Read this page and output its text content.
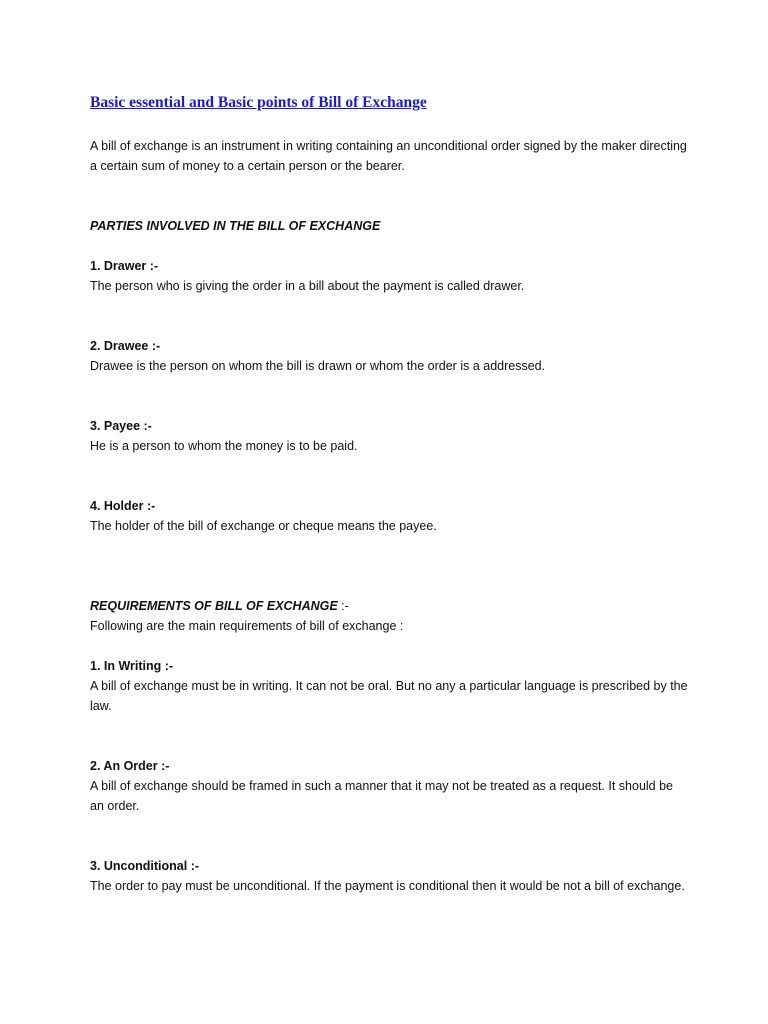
Basic essential and Basic points of Bill of Exchange

A bill of exchange is an instrument in writing containing an unconditional order signed by the maker directing a certain sum of money to a certain person or the bearer.

PARTIES INVOLVED IN THE BILL OF EXCHANGE
1. Drawer :-

The person who is giving the order in a bill about the payment is called drawer.

2. Drawee :-

Drawee is the person on whom the bill is drawn or whom the order is a addressed.

3. Payee :-

He is a person to whom the money is to be paid.

4. Holder :-

The holder of the bill of exchange or cheque means the payee.

REQUIREMENTS OF BILL OF EXCHANGE :-

Following are the main requirements of bill of exchange :

1. In Writing :-

A bill of exchange must be in writing. It can not be oral. But no any a particular language is prescribed by the law.

2. An Order :-

A bill of exchange should be framed in such a manner that it may not be treated as a request. It should be an order.

3. Unconditional :-

The order to pay must be unconditional. If the payment is conditional then it would be not a bill of exchange.
